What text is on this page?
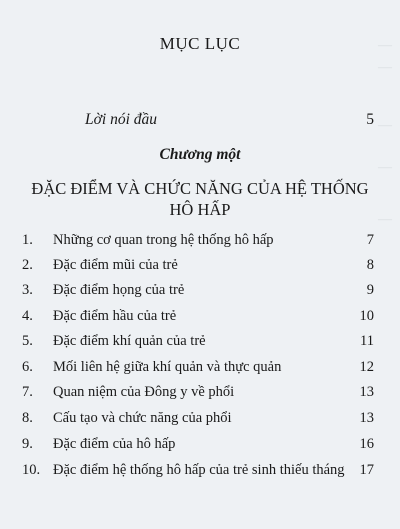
—
—
—
—
—
MỤC LỤC
Lời nói đầu	5
Chương một
ĐẶC ĐIỂM VÀ CHỨC NĂNG CỦA HỆ THỐNG
HÔ HẤP
1. Những cơ quan trong hệ thống hô hấp	7
2. Đặc điểm mũi của trẻ	8
3. Đặc điểm họng của trẻ	9
4. Đặc điểm hầu của trẻ	10
5. Đặc điểm khí quản của trẻ	11
6. Mối liên hệ giữa khí quản và thực quản	12
7. Quan niệm của Đông y về phổi	13
8. Cấu tạo và chức năng của phổi	13
9. Đặc điểm của hô hấp	16
10. Đặc điểm hệ thống hô hấp của trẻ sinh thiếu tháng 17
